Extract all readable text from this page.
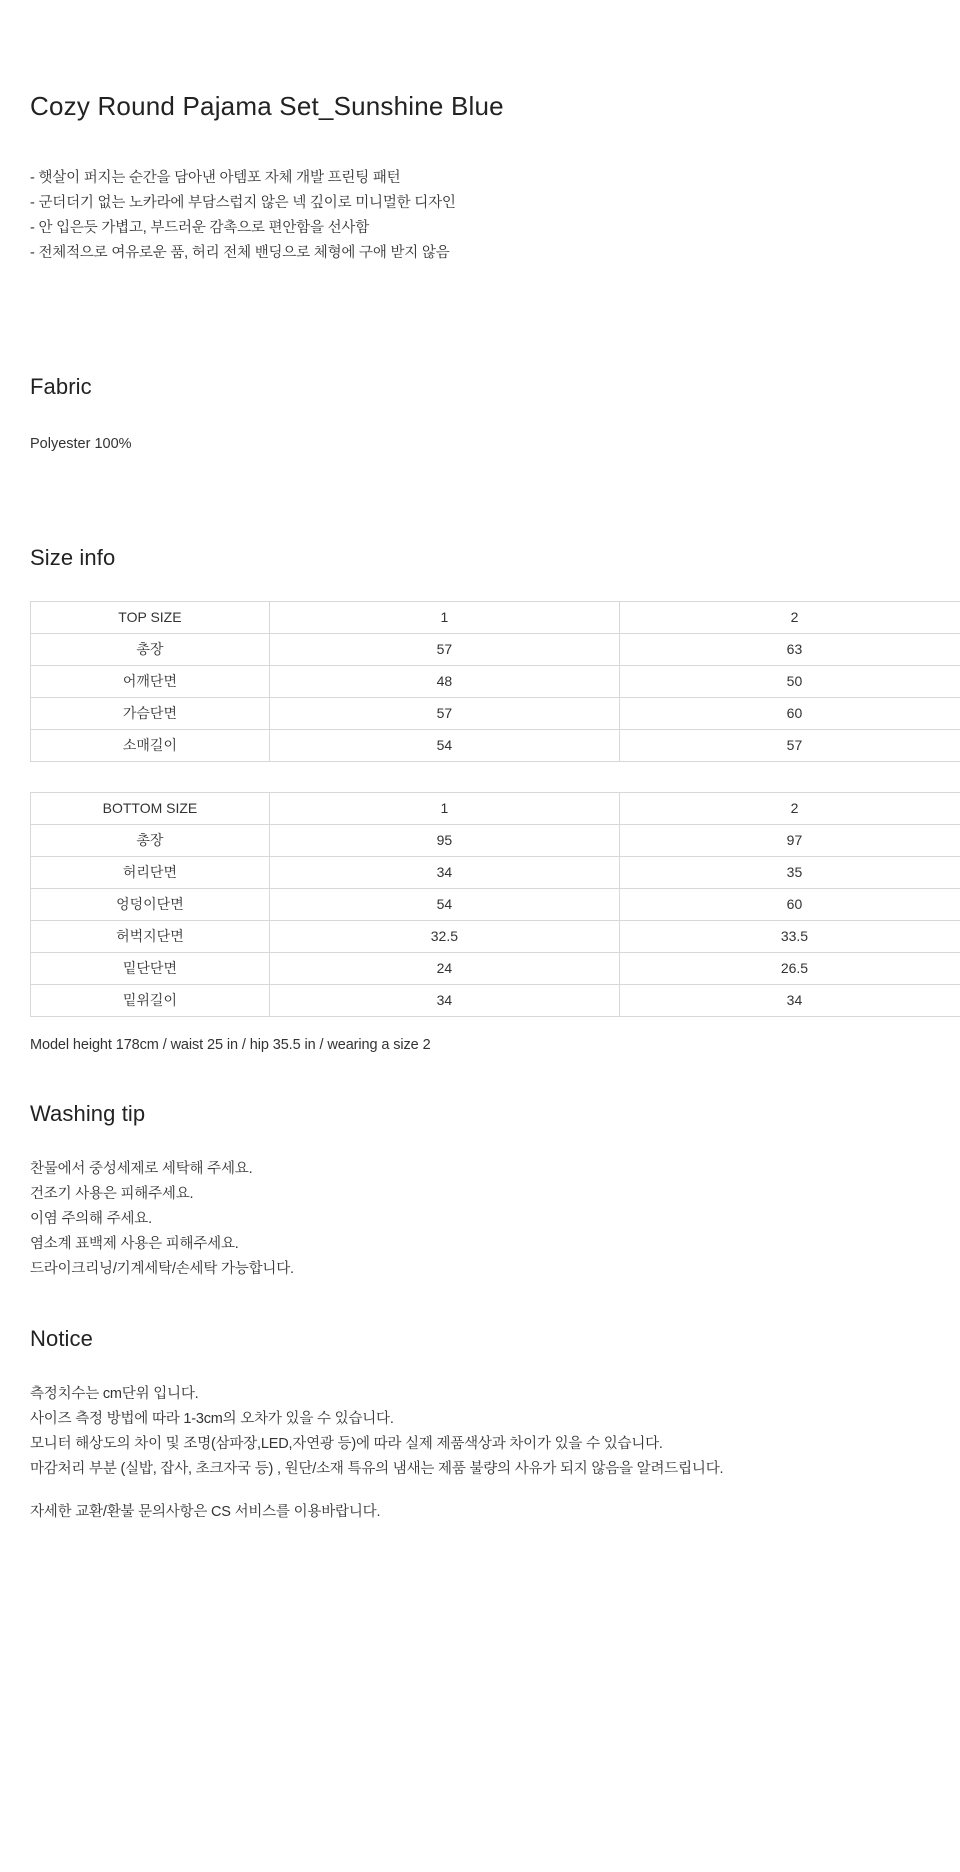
Cozy Round Pajama Set_Sunshine Blue
- 햇살이 퍼지는 순간을 담아낸 아템포 자체 개발 프린팅 패턴
- 군더더기 없는 노카라에 부담스럽지 않은 넥 깊이로 미니멀한 디자인
- 안 입은듯 가볍고, 부드러운 감촉으로 편안함을 선사함
- 전체적으로 여유로운 품, 허리 전체 밴딩으로 체형에 구애 받지 않음
Fabric
Polyester 100%
Size info
TOP SIZE	1	2
총장	57	63
어깨단면	48	50
가슴단면	57	60
소매길이	54	57
BOTTOM SIZE	1	2
총장	95	97
허리단면	34	35
엉덩이단면	54	60
허벅지단면	32.5	33.5
밑단단면	24	26.5
밑위길이	34	34
Model height 178cm / waist 25 in / hip 35.5 in / wearing a size 2
Washing tip
찬물에서 중성세제로 세탁해 주세요.
건조기 사용은 피해주세요.
이염 주의해 주세요.
염소계 표백제 사용은 피해주세요.
드라이크리닝/기계세탁/손세탁 가능합니다.
Notice
측정치수는 cm단위 입니다.
사이즈 측정 방법에 따라 1-3cm의 오차가 있을 수 있습니다.
모니터 해상도의 차이 및 조명(삼파장,LED,자연광 등)에 따라 실제 제품색상과 차이가 있을 수 있습니다.
마감처리 부분 (실밥, 잡사, 초크자국 등) , 원단/소재 특유의 냄새는 제품 불량의 사유가 되지 않음을 알려드립니다.
자세한 교환/환불 문의사항은 CS 서비스를 이용바랍니다.
